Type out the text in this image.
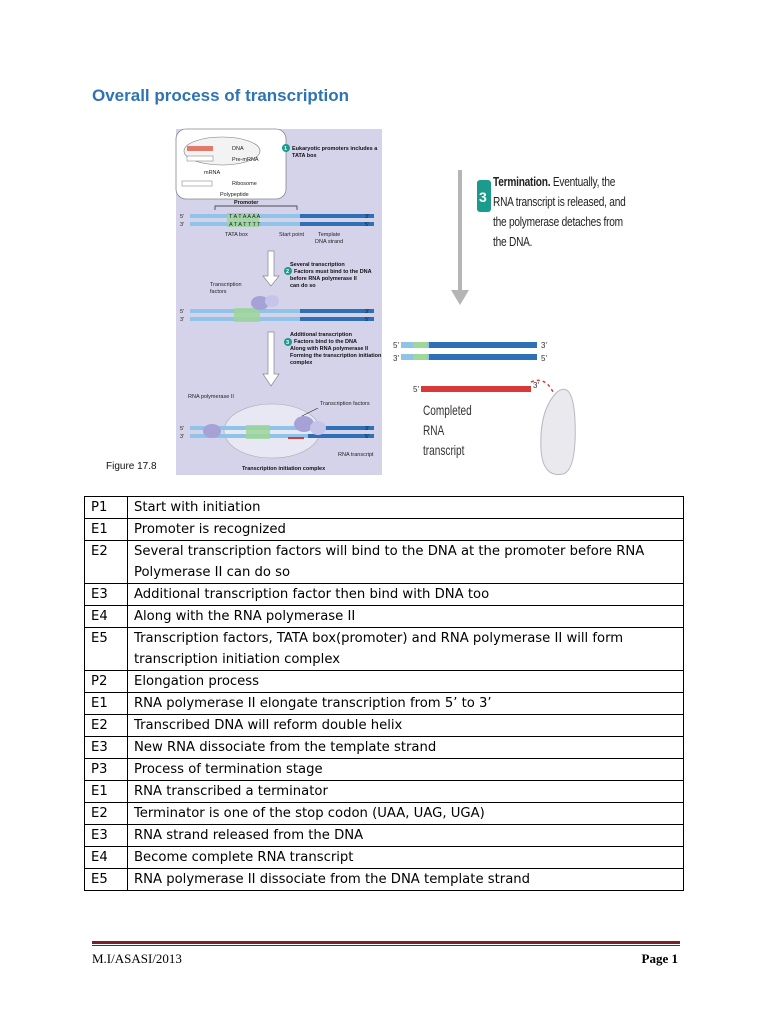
Overall process of transcription
DNA
Pre-mRNA
mRNA
Ribosome
Polypeptide
1 Eukaryotic promoters includes a
TATA box
Promoter
T A T A A A A
A T A T T T T
5'
3'
3'
5'
TATA box	Start point	Template
DNA strand
Several transcription
2 Factors must bind to the DNA
before RNA polymerase II
can do so
Transcription
factors
5'
3'
3'
5'
Additional transcription
3 Factors bind to the DNA
Along with RNA polymerase II
Forming the transcription initiation
complex
RNA polymerase II
Transcription factors
5'
3'
3'
5'
RNA transcript
Transcription initiation complex
Figure 17.8
3
5'
3'
3'
5'
5'	3'
Termination. Eventually, the RNA transcript is released, and the polymerase detaches from the DNA.
Completed RNA transcript
P1	Start with initiation
E1	Promoter is recognized
E2	Several transcription factors will bind to the DNA at the promoter before RNA Polymerase II can do so
E3	Additional transcription factor then bind with DNA too
E4	Along with the RNA polymerase II
E5	Transcription factors, TATA box(promoter) and RNA polymerase II will form transcription initiation complex
P2	Elongation process
E1	RNA polymerase II elongate transcription from 5’ to 3’
E2	Transcribed DNA will reform double helix
E3	New RNA dissociate from the template strand
P3	Process of termination stage
E1	RNA transcribed a terminator
E2	Terminator is one of the stop codon (UAA, UAG, UGA)
E3	RNA strand released from the DNA
E4	Become complete RNA transcript
E5	RNA polymerase II dissociate from the DNA template strand
M.I/ASASI/2013	Page 1
